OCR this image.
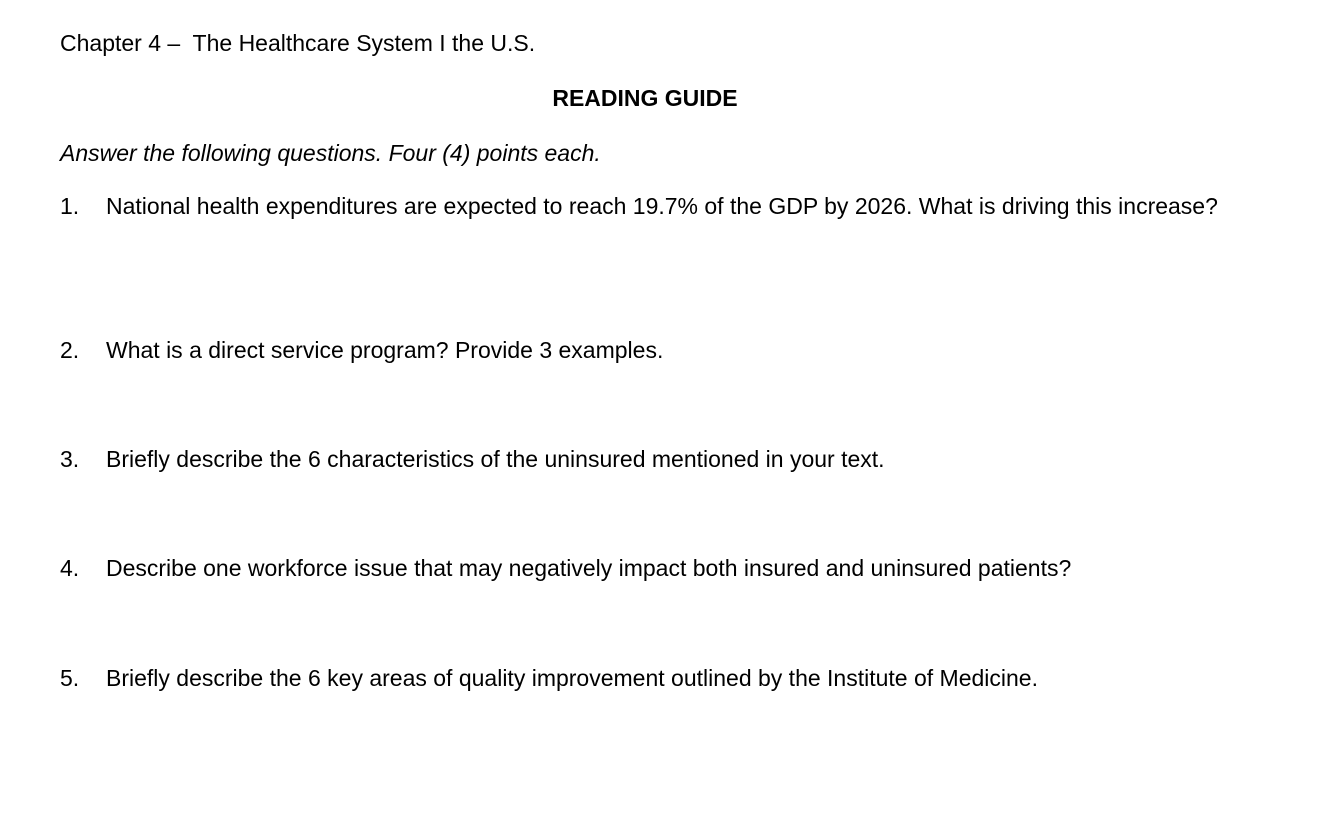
Chapter 4 –  The Healthcare System I the U.S.
READING GUIDE
Answer the following questions. Four (4) points each.
1.	National health expenditures are expected to reach 19.7% of the GDP by 2026. What is driving this increase?
2.	What is a direct service program? Provide 3 examples.
3.	Briefly describe the 6 characteristics of the uninsured mentioned in your text.
4.	Describe one workforce issue that may negatively impact both insured and uninsured patients?
5.	Briefly describe the 6 key areas of quality improvement outlined by the Institute of Medicine.
